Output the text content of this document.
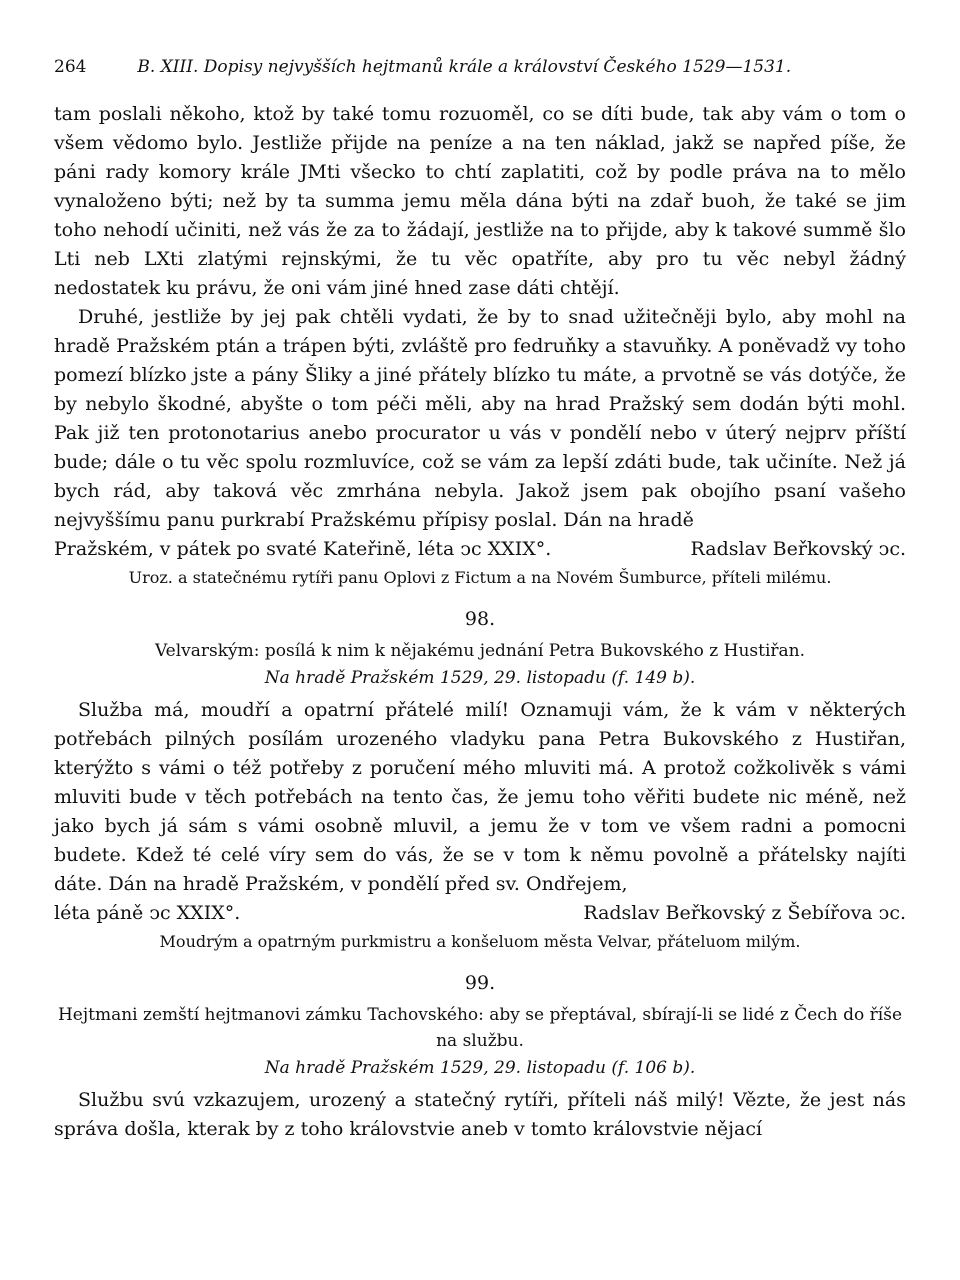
264	B. XIII. Dopisy nejvyšších hejtmanů krále a království Českého 1529—1531.

tam poslali někoho, ktož by také tomu rozuoměl, co se díti bude, tak aby vám o tom o všem vědomo bylo. Jestliže přijde na peníze a na ten náklad, jakž se napřed píše, že páni rady komory krále JMti všecko to chtí zaplatiti, což by podle práva na to mělo vynaloženo býti; než by ta summa jemu měla dána býti na zdař buoh, že také se jim toho nehodí učiniti, než vás že za to žádají, jestliže na to přijde, aby k takové summě šlo Lti neb LXti zlatými rejnskými, že tu věc opatříte, aby pro tu věc nebyl žádný nedostatek ku právu, že oni vám jiné hned zase dáti chtějí.

Druhé, jestliže by jej pak chtěli vydati, že by to snad užitečněji bylo, aby mohl na hradě Pražském ptán a trápen býti, zvláště pro fedruňky a stavuňky. A poněvadž vy toho pomezí blízko jste a pány Šliky a jiné přátely blízko tu máte, a prvotně se vás dotýče, že by nebylo škodné, abyšte o tom péči měli, aby na hrad Pražský sem dodán býti mohl. Pak již ten protonotarius anebo procurator u vás v pondělí nebo v úterý nejprv příští bude; dále o tu věc spolu rozmluvíce, což se vám za lepší zdáti bude, tak učiníte. Než já bych rád, aby taková věc zmrhána nebyla. Jakož jsem pak obojího psaní vašeho nejvyššímu panu purkrabí Pražskému přípisy poslal. Dán na hradě

Pražském, v pátek po svaté Kateřině, léta ↄc XXIX°.	Radslav Beřkovský ↄc.

Uroz. a statečnému rytíři panu Oplovi z Fictum a na Novém Šumburce, příteli milému.

98.

Velvarským: posílá k nim k nějakému jednání Petra Bukovského z Hustiřan.

Na hradě Pražském 1529, 29. listopadu (f. 149 b).

Služba má, moudří a opatrní přátelé milí! Oznamuji vám, že k vám v některých potřebách pilných posílám urozeného vladyku pana Petra Bukovského z Hustiřan, kterýžto s vámi o též potřeby z poručení mého mluviti má. A protož cožkolivěk s vámi mluviti bude v těch potřebách na tento čas, že jemu toho věřiti budete nic méně, než jako bych já sám s vámi osobně mluvil, a jemu že v tom ve všem radni a pomocni budete. Kdež té celé víry sem do vás, že se v tom k němu povolně a přátelsky najíti dáte. Dán na hradě Pražském, v pondělí před sv. Ondřejem,

léta páně ↄc XXIX°.	Radslav Beřkovský z Šebířova ↄc.

Moudrým a opatrným purkmistru a konšeluom města Velvar, přáteluom milým.

99.

Hejtmani zemští hejtmanovi zámku Tachovského: aby se přeptával, sbírají-li se lidé z Čech do říše na službu.

Na hradě Pražském 1529, 29. listopadu (f. 106 b).

Službu svú vzkazujem, urozený a statečný rytíři, příteli náš milý! Vězte, že jest nás správa došla, kterak by z toho královstvie aneb v tomto královstvie nějací
